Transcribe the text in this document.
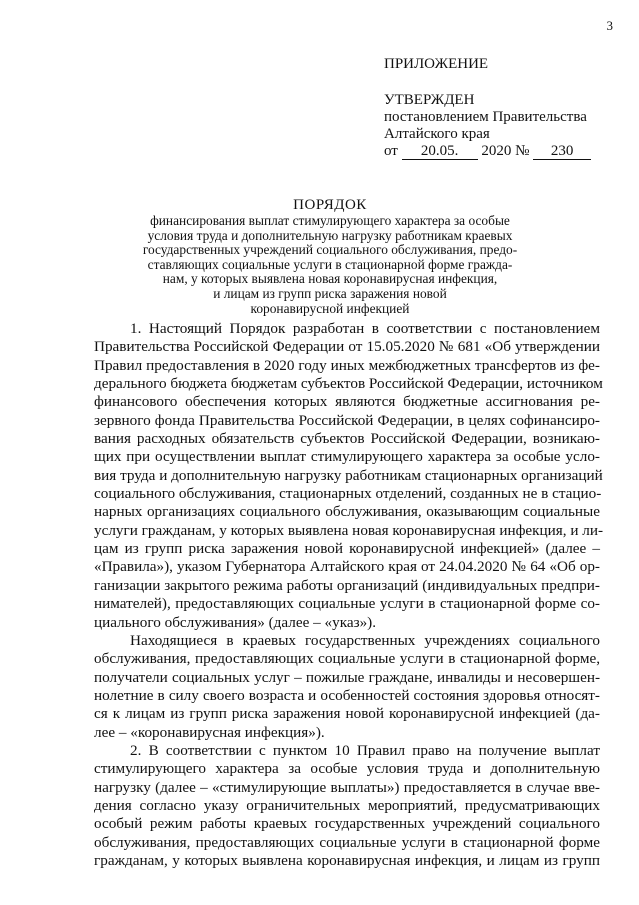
3
ПРИЛОЖЕНИЕ
УТВЕРЖДЕН
постановлением Правительства
Алтайского края
от 20.05. 2020 № 230
ПОРЯДОК
финансирования выплат стимулирующего характера за особые
условия труда и дополнительную нагрузку работникам краевых
государственных учреждений социального обслуживания, предо-
ставляющих социальные услуги в стационарной форме гражда-
нам, у которых выявлена новая коронавирусная инфекция,
и лицам из групп риска заражения новой
коронавирусной инфекцией

1. Настоящий Порядок разработан в соответствии с постановлением
Правительства Российской Федерации от 15.05.2020 № 681 «Об утверждении
Правил предоставления в 2020 году иных межбюджетных трансфертов из фе-
дерального бюджета бюджетам субъектов Российской Федерации, источником
финансового обеспечения которых являются бюджетные ассигнования ре-
зервного фонда Правительства Российской Федерации, в целях софинансиро-
вания расходных обязательств субъектов Российской Федерации, возникаю-
щих при осуществлении выплат стимулирующего характера за особые усло-
вия труда и дополнительную нагрузку работникам стационарных организаций
социального обслуживания, стационарных отделений, созданных не в стацио-
нарных организациях социального обслуживания, оказывающим социальные
услуги гражданам, у которых выявлена новая коронавирусная инфекция, и ли-
цам из групп риска заражения новой коронавирусной инфекцией» (далее –
«Правила»), указом Губернатора Алтайского края от 24.04.2020 № 64 «Об ор-
ганизации закрытого режима работы организаций (индивидуальных предпри-
нимателей), предоставляющих социальные услуги в стационарной форме со-
циального обслуживания» (далее – «указ»).

Находящиеся в краевых государственных учреждениях социального
обслуживания, предоставляющих социальные услуги в стационарной форме,
получатели социальных услуг – пожилые граждане, инвалиды и несовершен-
нолетние в силу своего возраста и особенностей состояния здоровья относят-
ся к лицам из групп риска заражения новой коронавирусной инфекцией (да-
лее – «коронавирусная инфекция»).

2. В соответствии с пунктом 10 Правил право на получение выплат
стимулирующего характера за особые условия труда и дополнительную
нагрузку (далее – «стимулирующие выплаты») предоставляется в случае вве-
дения согласно указу ограничительных мероприятий, предусматривающих
особый режим работы краевых государственных учреждений социального
обслуживания, предоставляющих социальные услуги в стационарной форме
гражданам, у которых выявлена коронавирусная инфекция, и лицам из групп
